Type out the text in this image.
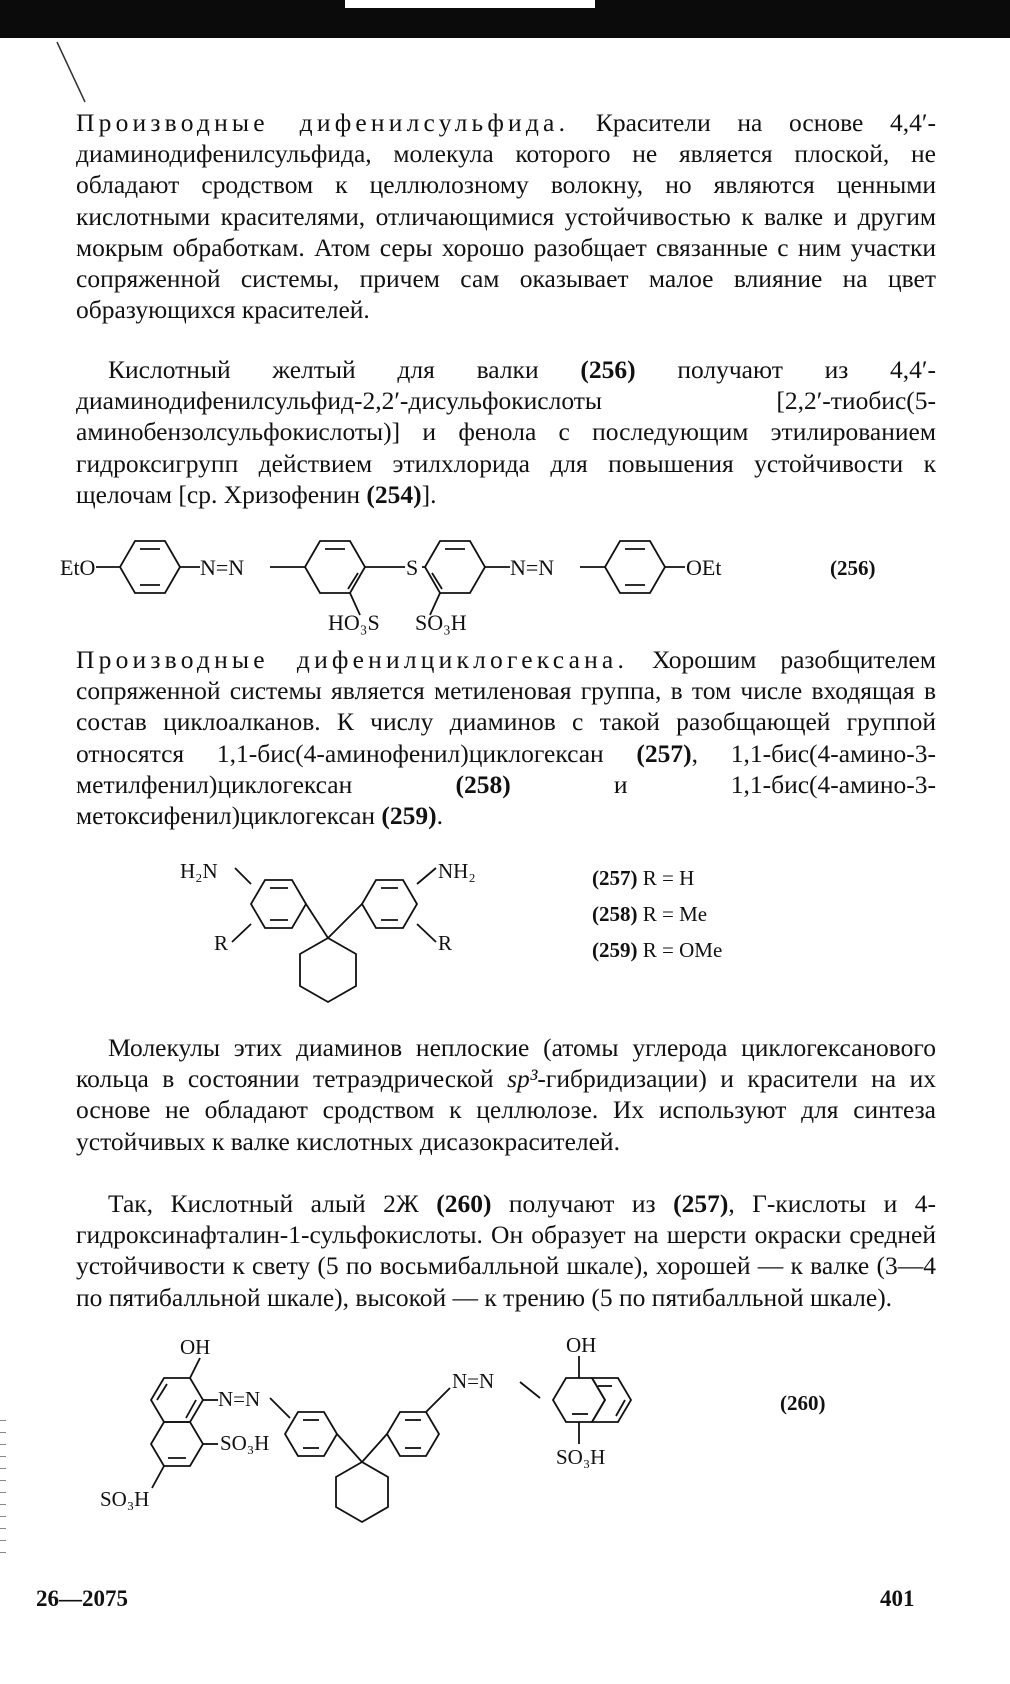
Производные дифенилсульфида. Красители на основе 4,4′-диаминодифенилсульфида, молекула которого не является плоской, не обладают сродством к целлюлозному волокну, но являются ценными кислотными красителями, отличающимися устойчивостью к валке и другим мокрым обработкам. Атом серы хорошо разобщает связанные с ним участки сопряженной системы, причем сам оказывает малое влияние на цвет образующихся красителей.

Кислотный желтый для валки (256) получают из 4,4′-диаминодифенилсульфид-2,2′-дисульфокислоты [2,2′-тиобис(5-аминобензолсульфокислоты)] и фенола с последующим этилированием гидроксигрупп действием этилхлорида для повышения устойчивости к щелочам [ср. Хризофенин (254)].

EtO	N=N	S	N=N	OEt
HO₃S SO₃H
(256)

Производные дифенилциклогексана. Хорошим разобщителем сопряженной системы является метиленовая группа, в том числе входящая в состав циклоалканов. К числу диаминов с такой разобщающей группой относятся 1,1-бис(4-аминофенил)циклогексан (257), 1,1-бис(4-амино-3-метилфенил)циклогексан (258) и 1,1-бис(4-амино-3-метоксифенил)циклогексан (259).

H₂N	NH₂
R	R
(257) R = H
(258) R = Me
(259) R = OMe

Молекулы этих диаминов неплоские (атомы углерода циклогексанового кольца в состоянии тетраэдрической sp³-гибридизации) и красители на их основе не обладают сродством к целлюлозе. Их используют для синтеза устойчивых к валке кислотных дисазокрасителей.

Так, Кислотный алый 2Ж (260) получают из (257), Г-кислоты и 4-гидроксинафталин-1-сульфокислоты. Он образует на шерсти окраски средней устойчивости к свету (5 по восьмибалльной шкале), хорошей — к валке (3—4 по пятибалльной шкале), высокой — к трению (5 по пятибалльной шкале).

OH
N=N
SO₃H
SO₃H
N=N
OH
SO₃H
(260)
26—2075	401
